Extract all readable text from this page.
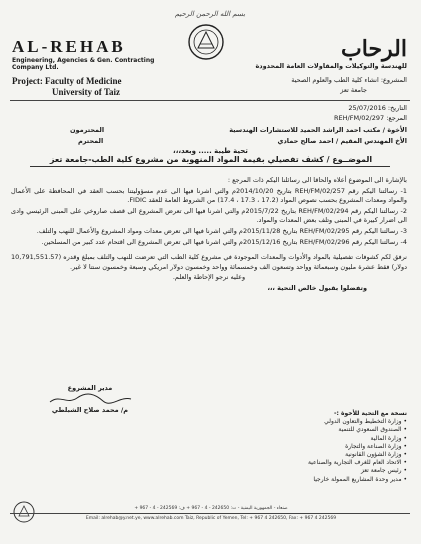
بسم الله الرحمن الرحيم
AL-REHAB
Engineering, Agencies & Gen. Contracting Company Ltd.
Project: Faculty of Medicine
University of Taiz
الرحاب
للهندسة والتوكيلات والمقاولات العامة المحدودة
المشروع: انشاء كلية الطب والعلوم الصحية
جامعة تعز
التاريخ: 25/07/2016
المرجع: REH/FM/02/297
الأخوة / مكتب احمد الراشد الحميد للاستشارات الهندسية
المحترمون
الأخ المهندس المقيم / احمد صالح حمادي
المحترم
تحية طيبة ..... وبعد،،،
الموضــوع / كشف تفصيلي بقيمة المواد المنهوبة من مشروع كلية الطب-جامعة تعز

بالإشارة الى الموضوع أعلاه والحاقا الى رسائلنا اليكم ذات المرجع :

1- رسالتنا اليكم رقم REH/FM/02/257 بتاريخ 2014/10/20م والتي اشرنا فيها الى عدم مسؤوليتنا بحسب العقد في المحافظة على الأعمال والمواد ومعدات المشروع بحسب نصوص المواد (17.2 ، 17.3 ، 17.4) من الشروط العامة للعقد FIDIC.

2- رسالتنا اليكم رقم REH/FM/02/294 بتاريخ 2015/7/22م والتي اشرنا فيها الى تعرض المشروع الى قصف صاروخي على المبنى الرئيسي وادى الى اضرار كبيرة في المبنى وتلف بعض المعدات والمواد.

3- رسالتنا اليكم رقم REH/FM/02/295 بتاريخ 2015/11/28م والتي اشرنا فيها الى تعرض معدات ومواد المشروع والأعمال للنهب والتلف.

4- رسالتنا اليكم رقم REH/FM/02/296 بتاريخ 2015/12/16م والتي اشرنا فيها الى تعرض المشروع الى اقتحام عدد كبير من المسلحين.

نرفق لكم كشوفات تفصيلية بالمواد والأدوات والمعدات الموجودة في مشروع كلية الطب التي تعرضت للنهب والتلف بمبلغ وقدره (10,791,551.57 دولار) فقط عشرة مليون وسبعمائة وواحد وتسعون الف وخمسمائة وواحد وخمسون دولار امريكي وسبعة وخمسون سنتا لا غير.

وعليه نرجو الإحاطة والعلم.

وتفضلوا بقبول خالص التحية ،،،

مدير المشروع
م/ محمد صلاح الشبلطي	نسخة مع التحية للأخوة :-
• وزارة التخطيط والتعاون الدولي
• الصندوق السعودي للتنمية
• وزارة المالية
• وزارة الصناعة والتجارة
• وزارة الشؤون القانونية
• الاتحاد العام للغرف التجارية والصناعية
• رئيس جامعة تعز
• مدير وحدة المشاريع الممولة خارجيا
صنعاء - الجمهورية اليمنية - ت: 242650 - 4 - 967 + ف: 242569 - 4 - 967 +
Email: alrehab@y.net.ye, www.alrehab.com Taiz, Republic of Yemen, Tel: + 967 4 242650, Fax: + 967 4 242569
